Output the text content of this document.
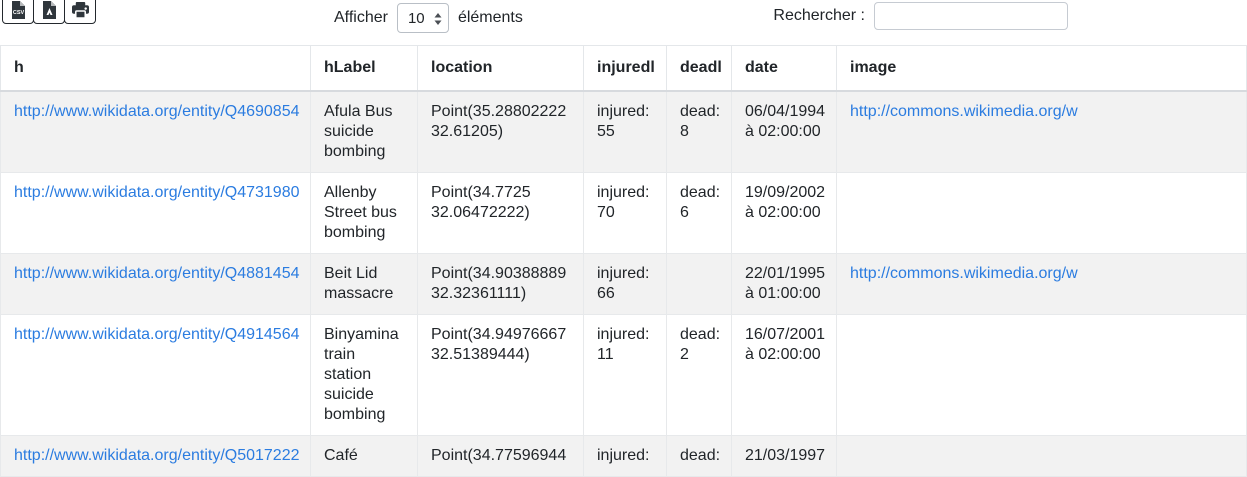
CSV	Afficher
10	éléments	Rechercher :
h	hLabel	location	injuredl	deadl	date	image
http://www.wikidata.org/entity/Q4690854	Afula Bus suicide bombing	Point(35.28802222 32.61205)	injured: 55	dead: 8	06/04/1994 à 02:00:00	http://commons.wikimedia.org/w
http://www.wikidata.org/entity/Q4731980	Allenby Street bus bombing	Point(34.7725 32.06472222)	injured: 70	dead: 6	19/09/2002 à 02:00:00	
http://www.wikidata.org/entity/Q4881454	Beit Lid massacre	Point(34.90388889 32.32361111)	injured: 66		22/01/1995 à 01:00:00	http://commons.wikimedia.org/w
http://www.wikidata.org/entity/Q4914564	Binyamina train station suicide bombing	Point(34.94976667 32.51389444)	injured: 11	dead: 2	16/07/2001 à 02:00:00	
http://www.wikidata.org/entity/Q5017222	Café	Point(34.77596944	injured:	dead:	21/03/1997	
